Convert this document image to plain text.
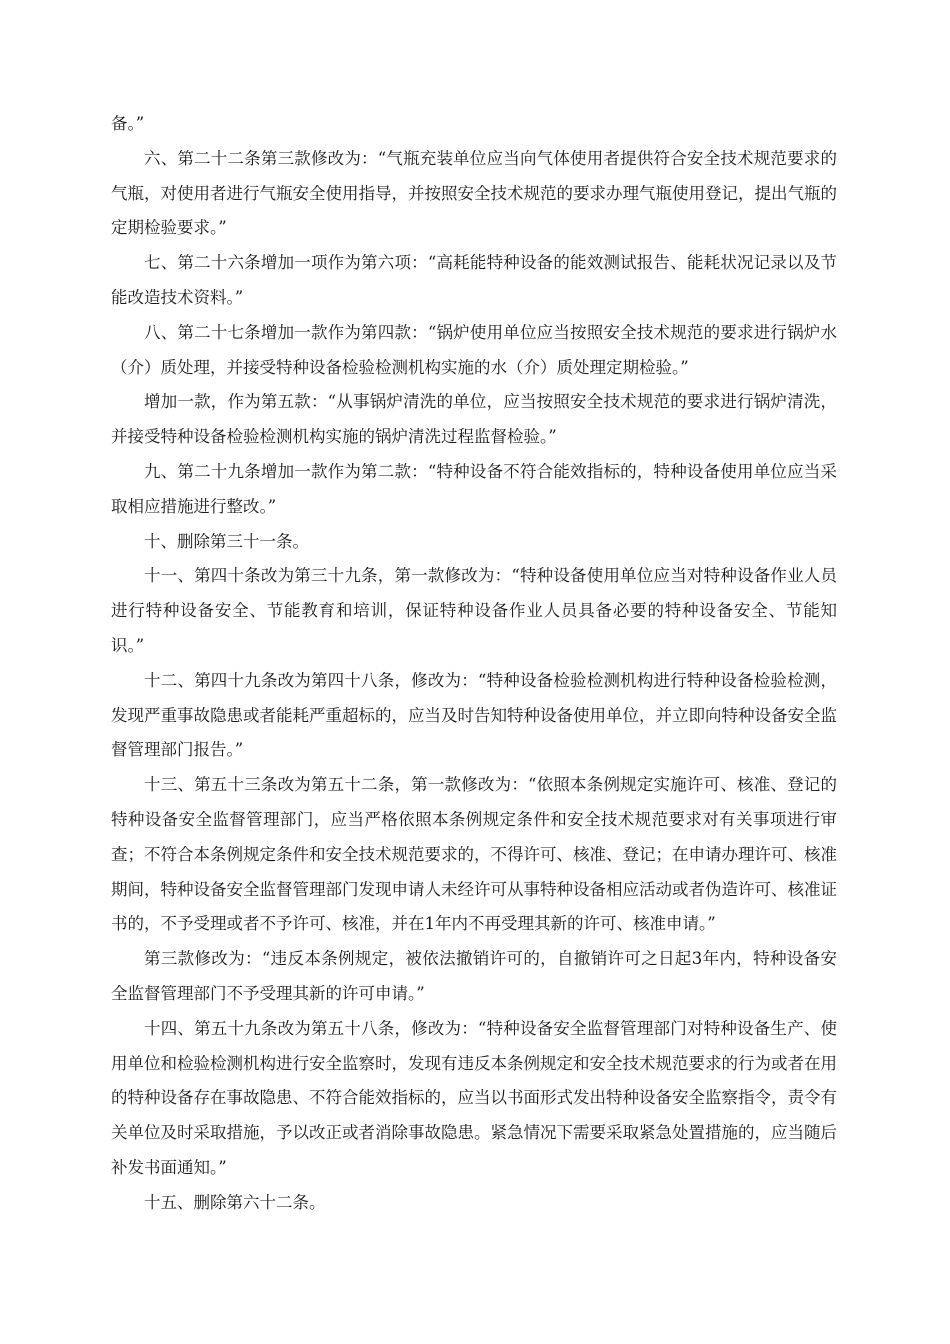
备。”

六、第二十二条第三款修改为：“气瓶充装单位应当向气体使用者提供符合安全技术规范要求的气瓶，对使用者进行气瓶安全使用指导，并按照安全技术规范的要求办理气瓶使用登记，提出气瓶的定期检验要求。”

七、第二十六条增加一项作为第六项：“高耗能特种设备的能效测试报告、能耗状况记录以及节能改造技术资料。”

八、第二十七条增加一款作为第四款：“锅炉使用单位应当按照安全技术规范的要求进行锅炉水（介）质处理，并接受特种设备检验检测机构实施的水（介）质处理定期检验。”

增加一款，作为第五款：“从事锅炉清洗的单位，应当按照安全技术规范的要求进行锅炉清洗，并接受特种设备检验检测机构实施的锅炉清洗过程监督检验。”

九、第二十九条增加一款作为第二款：“特种设备不符合能效指标的，特种设备使用单位应当采取相应措施进行整改。”

十、删除第三十一条。

十一、第四十条改为第三十九条，第一款修改为：“特种设备使用单位应当对特种设备作业人员进行特种设备安全、节能教育和培训，保证特种设备作业人员具备必要的特种设备安全、节能知识。”

十二、第四十九条改为第四十八条，修改为：“特种设备检验检测机构进行特种设备检验检测，发现严重事故隐患或者能耗严重超标的，应当及时告知特种设备使用单位，并立即向特种设备安全监督管理部门报告。”

十三、第五十三条改为第五十二条，第一款修改为：“依照本条例规定实施许可、核准、登记的特种设备安全监督管理部门，应当严格依照本条例规定条件和安全技术规范要求对有关事项进行审查；不符合本条例规定条件和安全技术规范要求的，不得许可、核准、登记；在申请办理许可、核准期间，特种设备安全监督管理部门发现申请人未经许可从事特种设备相应活动或者伪造许可、核准证书的，不予受理或者不予许可、核准，并在1年内不再受理其新的许可、核准申请。”

第三款修改为：“违反本条例规定，被依法撤销许可的，自撤销许可之日起3年内，特种设备安全监督管理部门不予受理其新的许可申请。”

十四、第五十九条改为第五十八条，修改为：“特种设备安全监督管理部门对特种设备生产、使用单位和检验检测机构进行安全监察时，发现有违反本条例规定和安全技术规范要求的行为或者在用的特种设备存在事故隐患、不符合能效指标的，应当以书面形式发出特种设备安全监察指令，责令有关单位及时采取措施，予以改正或者消除事故隐患。紧急情况下需要采取紧急处置措施的，应当随后补发书面通知。”

十五、删除第六十二条。
